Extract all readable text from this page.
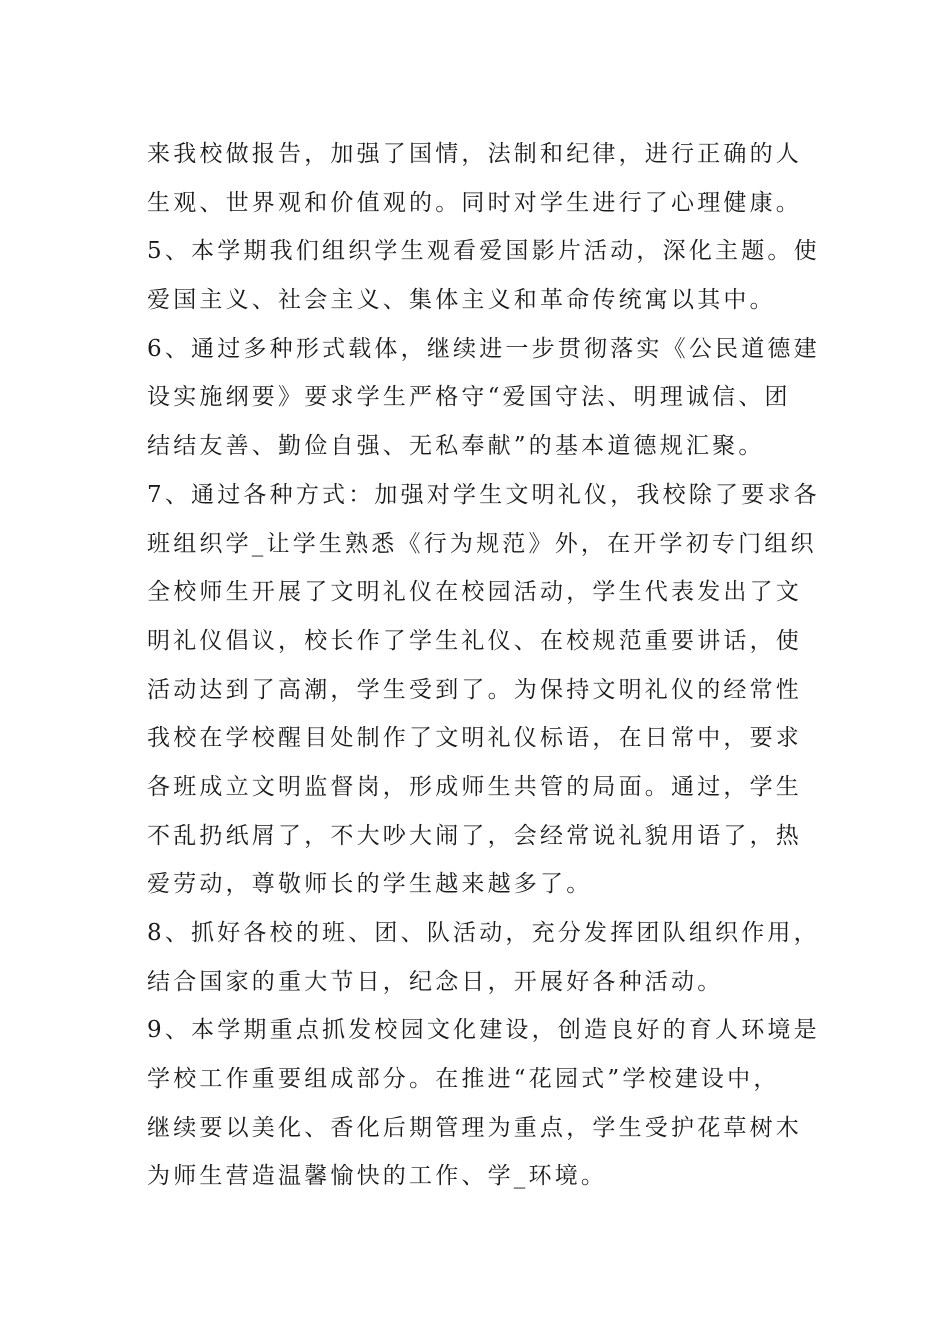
来我校做报告，加强了国情，法制和纪律，进行正确的人
生观、世界观和价值观的。同时对学生进行了心理健康。
5、本学期我们组织学生观看爱国影片活动，深化主题。使
爱国主义、社会主义、集体主义和革命传统寓以其中。
6、通过多种形式载体，继续进一步贯彻落实《公民道德建
设实施纲要》要求学生严格守“爱国守法、明理诚信、团
结结友善、勤俭自强、无私奉献”的基本道德规汇聚。
7、通过各种方式：加强对学生文明礼仪，我校除了要求各
班组织学_让学生熟悉《行为规范》外，在开学初专门组织
全校师生开展了文明礼仪在校园活动，学生代表发出了文
明礼仪倡议，校长作了学生礼仪、在校规范重要讲话，使
活动达到了高潮，学生受到了。为保持文明礼仪的经常性
我校在学校醒目处制作了文明礼仪标语，在日常中，要求
各班成立文明监督岗，形成师生共管的局面。通过，学生
不乱扔纸屑了，不大吵大闹了，会经常说礼貌用语了，热
爱劳动，尊敬师长的学生越来越多了。
8、抓好各校的班、团、队活动，充分发挥团队组织作用，
结合国家的重大节日，纪念日，开展好各种活动。
9、本学期重点抓发校园文化建设，创造良好的育人环境是
学校工作重要组成部分。在推进“花园式”学校建设中，
继续要以美化、香化后期管理为重点，学生受护花草树木
为师生营造温馨愉快的工作、学_环境。
